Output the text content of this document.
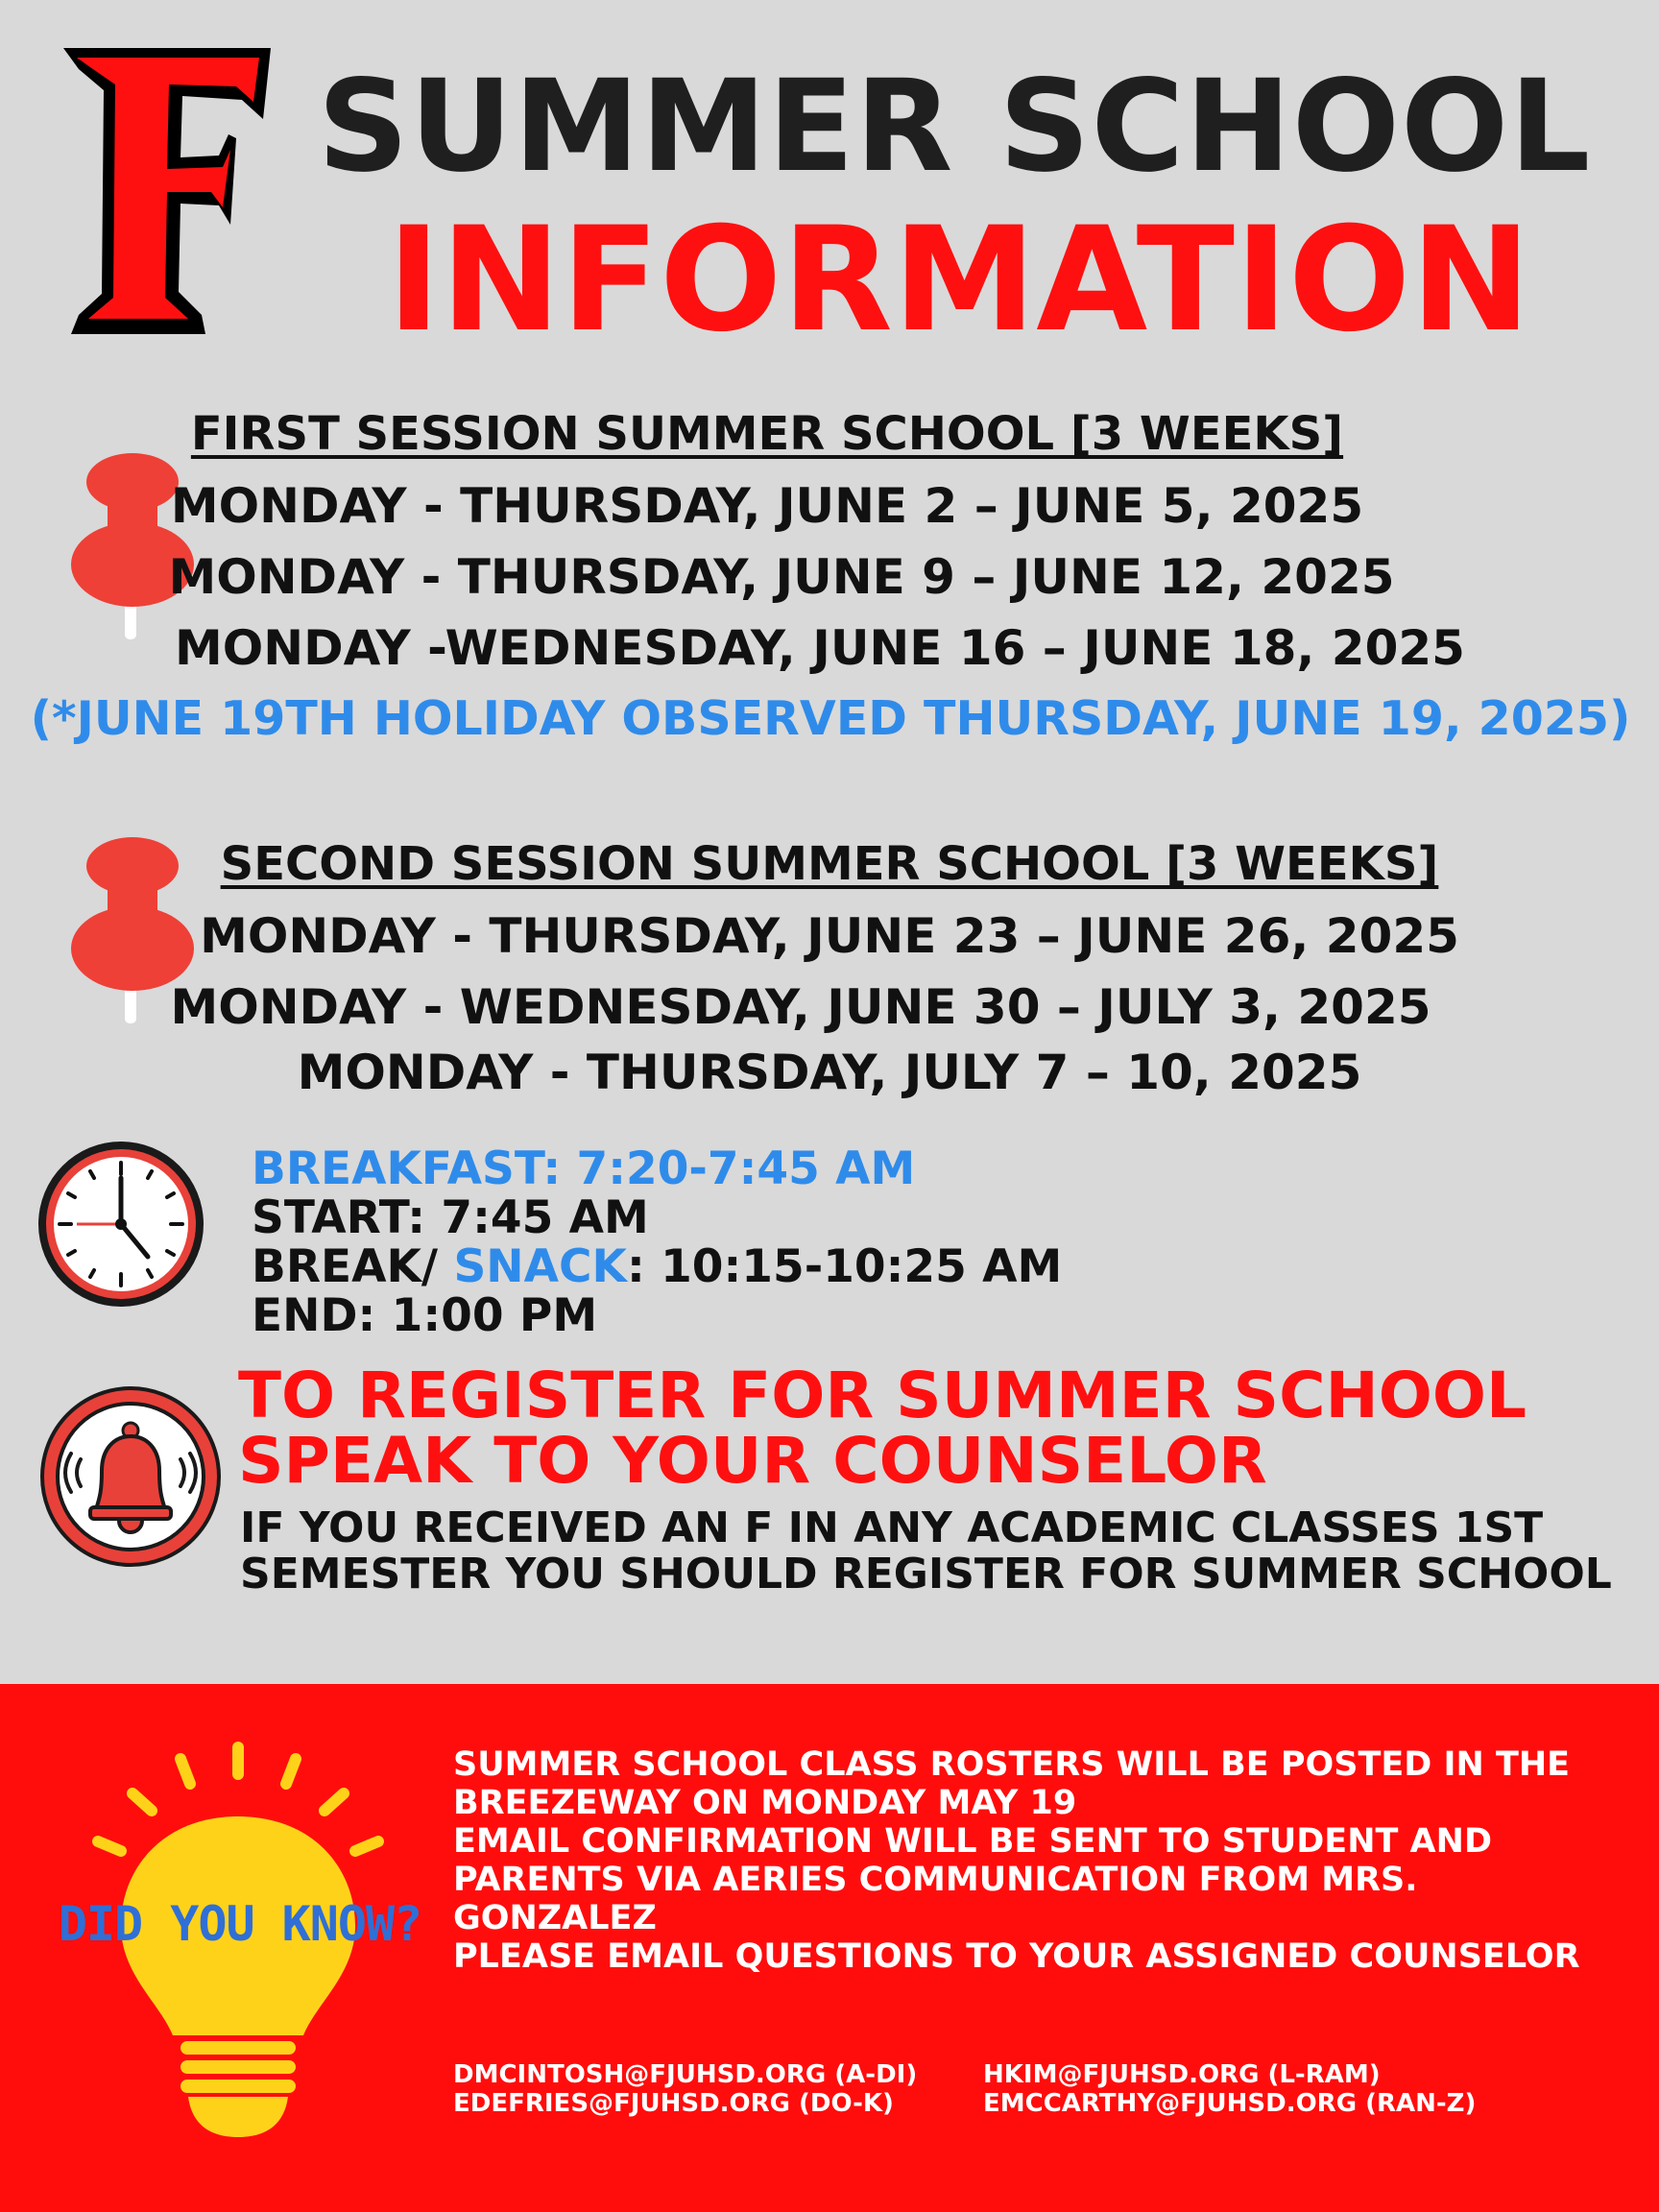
F
SUMMER SCHOOL
INFORMATION
FIRST SESSION SUMMER SCHOOL [3 WEEKS]
MONDAY - THURSDAY, JUNE 2 – JUNE 5, 2025
MONDAY - THURSDAY, JUNE 9 – JUNE 12, 2025
MONDAY -WEDNESDAY, JUNE 16 – JUNE 18, 2025
(*JUNE 19TH HOLIDAY OBSERVED THURSDAY, JUNE 19, 2025)
SECOND SESSION SUMMER SCHOOL [3 WEEKS]
MONDAY - THURSDAY, JUNE 23 – JUNE 26, 2025
MONDAY - WEDNESDAY, JUNE 30 – JULY 3, 2025
MONDAY - THURSDAY, JULY 7 – 10, 2025
BREAKFAST: 7:20-7:45 AM
START: 7:45 AM
BREAK/ SNACK: 10:15-10:25 AM
END: 1:00 PM
TO REGISTER FOR SUMMER SCHOOL
SPEAK TO YOUR COUNSELOR
IF YOU RECEIVED AN F IN ANY ACADEMIC CLASSES 1ST
SEMESTER YOU SHOULD REGISTER FOR SUMMER SCHOOL
DID YOU KNOW?
SUMMER SCHOOL CLASS ROSTERS WILL BE POSTED IN THE
BREEZEWAY ON MONDAY MAY 19
EMAIL CONFIRMATION WILL BE SENT TO STUDENT AND
PARENTS VIA AERIES COMMUNICATION FROM MRS.
GONZALEZ
PLEASE EMAIL QUESTIONS TO YOUR ASSIGNED COUNSELOR
DMCINTOSH@FJUHSD.ORG (A-DI)
EDEFRIES@FJUHSD.ORG (DO-K)
HKIM@FJUHSD.ORG (L-RAM)
EMCCARTHY@FJUHSD.ORG (RAN-Z)
